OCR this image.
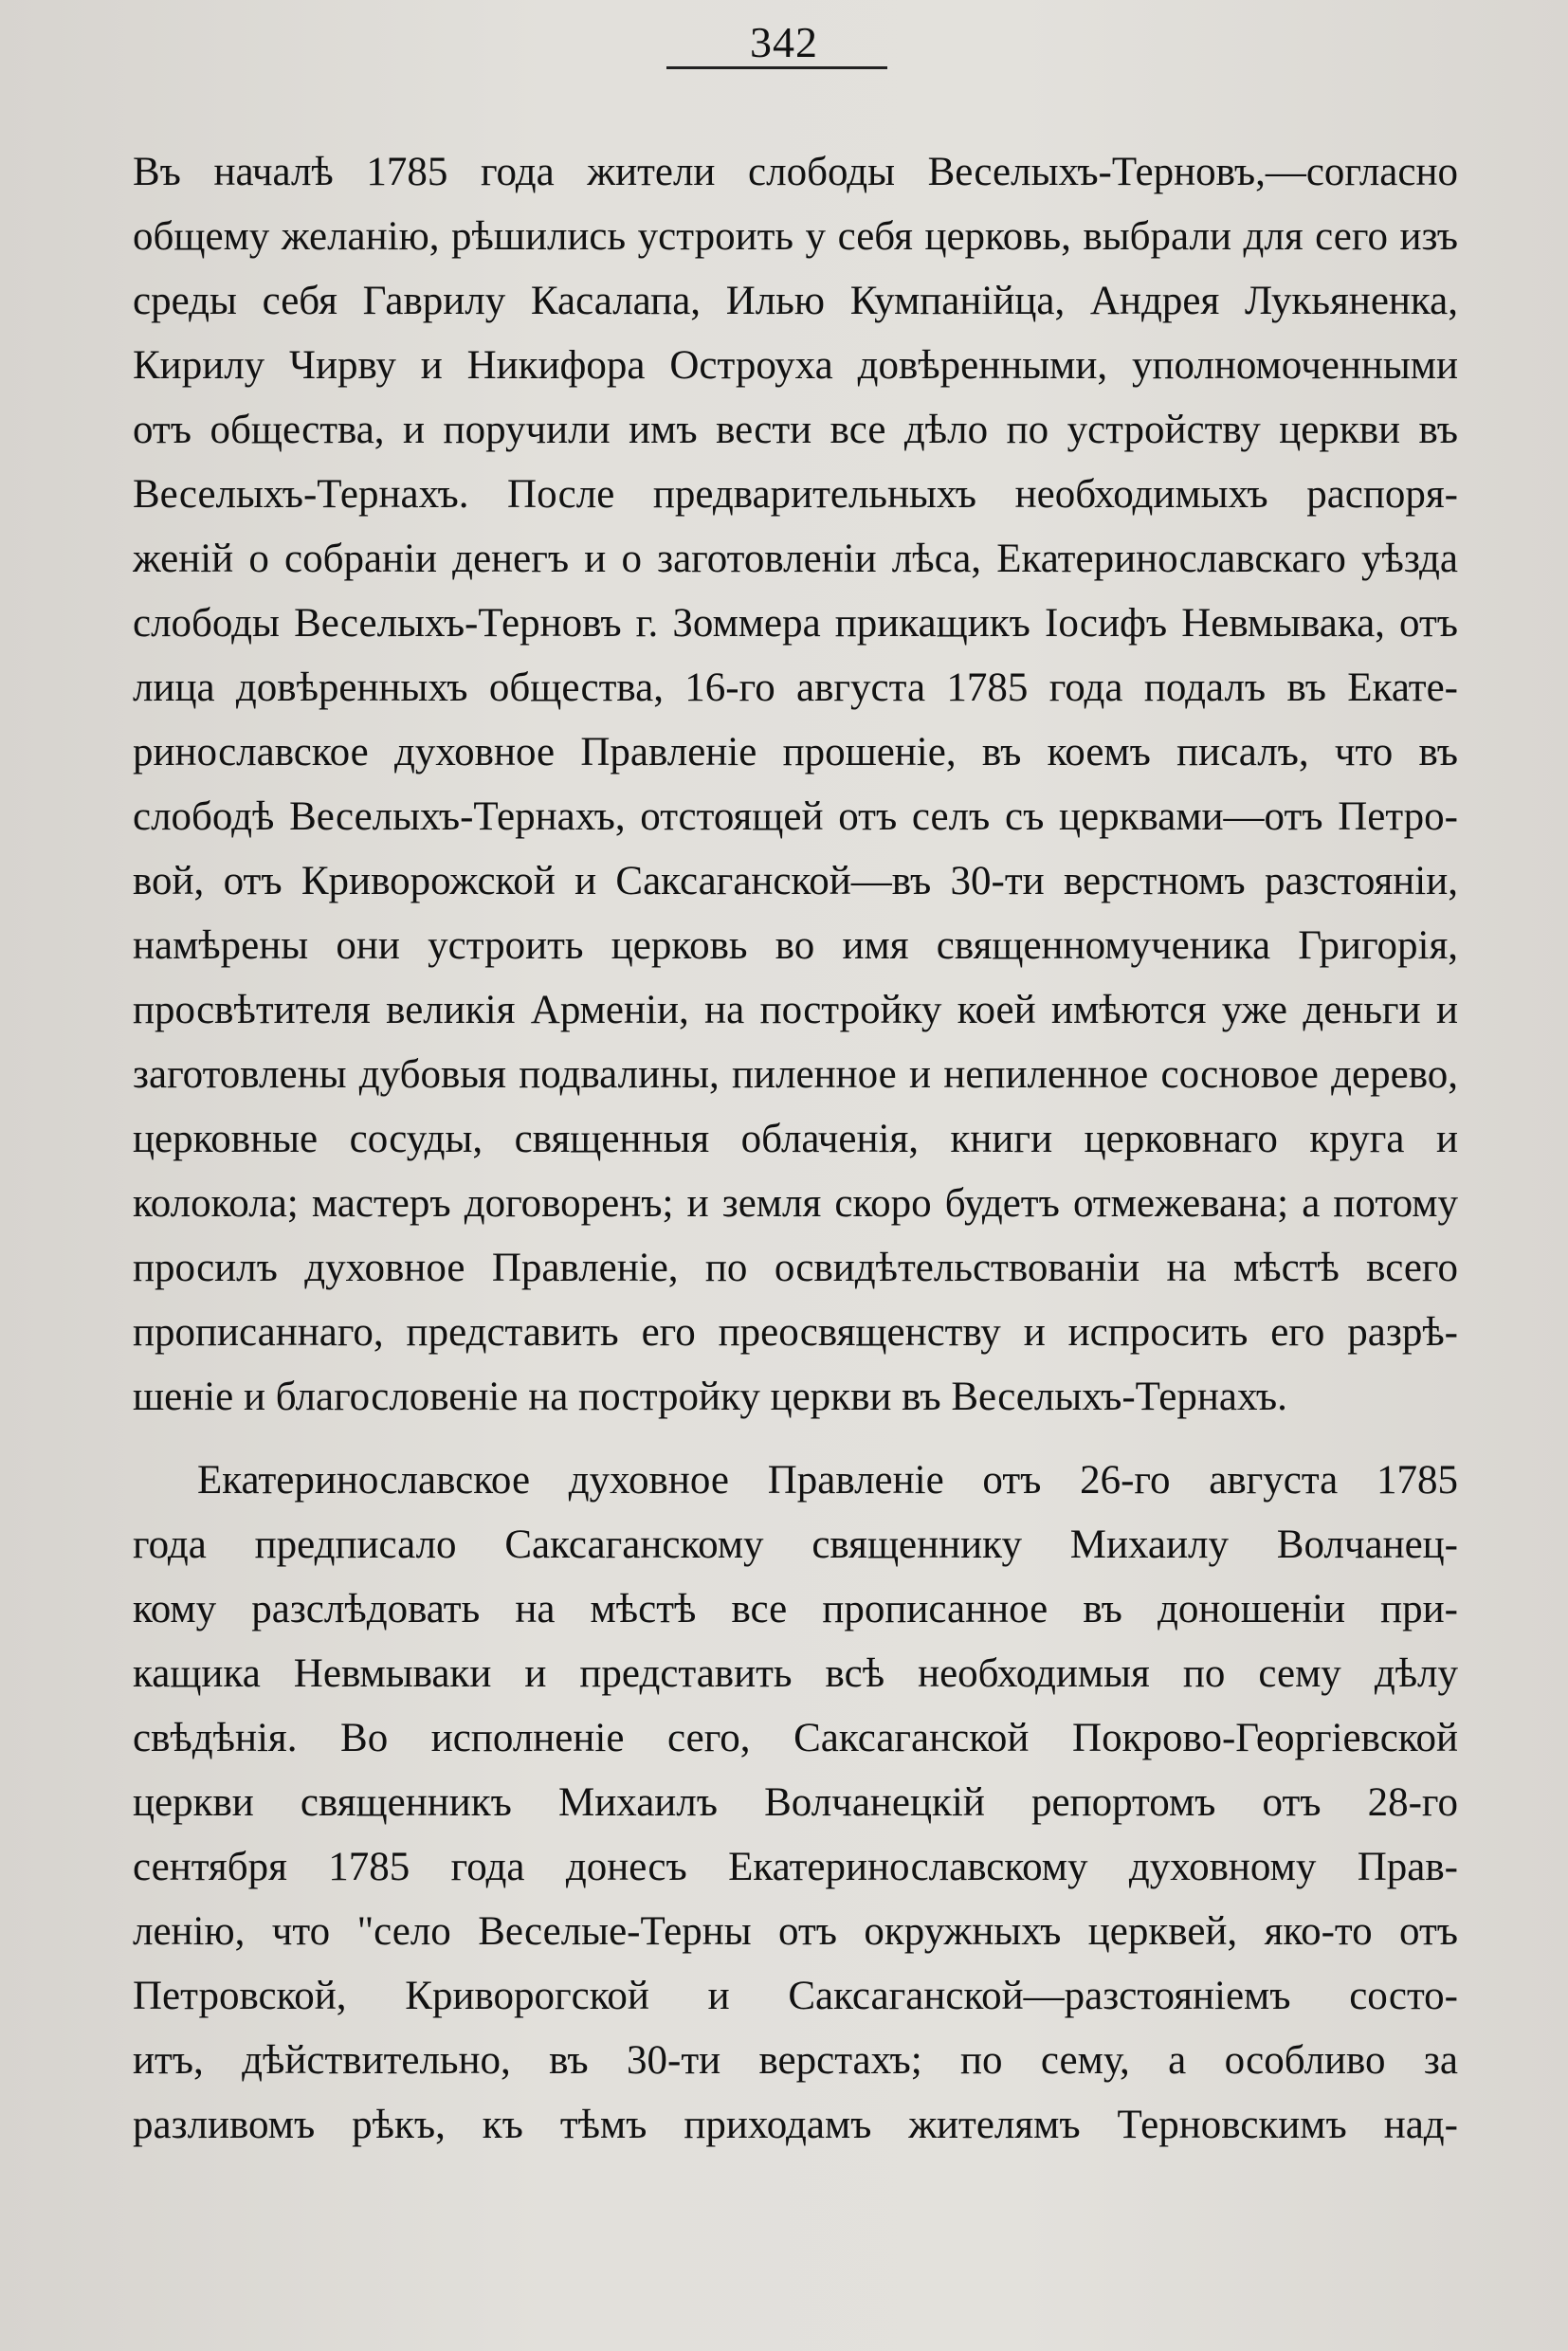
342
Въ началѣ 1785 года жители слободы Веселыхъ-Терновъ,—согласно
общему желанію, рѣшились устроить у себя церковь, выбрали для сего изъ
среды себя Гаврилу Касалапа, Илью Кумпанійца, Андрея Лукьяненка,
Кирилу Чирву и Никифора Остроуха довѣренными, уполномоченными
отъ общества, и поручили имъ вести все дѣло по устройству церкви въ
Веселыхъ-Тернахъ. После предварительныхъ необходимыхъ распоря-
женій о собраніи денегъ и о заготовленіи лѣса, Екатеринославскаго уѣзда
слободы Веселыхъ-Терновъ г. Зоммера прикащикъ Іосифъ Невмывака, отъ
лица довѣренныхъ общества, 16-го августа 1785 года подалъ въ Екате-
ринославское духовное Правленіе прошеніе, въ коемъ писалъ, что въ
слободѣ Веселыхъ-Тернахъ, отстоящей отъ селъ съ церквами—отъ Петро-
вой, отъ Криворожской и Саксаганской—въ 30-ти верстномъ разстояніи,
намѣрены они устроить церковь во имя священномученика Григорія,
просвѣтителя великія Арменіи, на постройку коей имѣются уже деньги и
заготовлены дубовыя подвалины, пиленное и непиленное сосновое дерево,
церковные сосуды, священныя облаченія, книги церковнаго круга и
колокола; мастеръ договоренъ; и земля скоро будетъ отмежевана; а потому
просилъ духовное Правленіе, по освидѣтельствованіи на мѣстѣ всего
прописаннаго, представить его преосвященству и испросить его разрѣ-
шеніе и благословеніе на постройку церкви въ Веселыхъ-Тернахъ.
Екатеринославское духовное Правленіе отъ 26-го августа 1785
года предписало Саксаганскому священнику Михаилу Волчанец-
кому разслѣдовать на мѣстѣ все прописанное въ доношеніи при-
кащика Невмываки и представить всѣ необходимыя по сему дѣлу
свѣдѣнія. Во исполненіе сего, Саксаганской Покрово-Георгіевской
церкви священникъ Михаилъ Волчанецкій репортомъ отъ 28-го
сентября 1785 года донесъ Екатеринославскому духовному Прав-
ленію, что "село Веселые-Терны отъ окружныхъ церквей, яко-то отъ
Петровской, Криворогской и Саксаганской—разстояніемъ состо-
итъ, дѣйствительно, въ 30-ти верстахъ; по сему, а особливо за
разливомъ рѣкъ, къ тѣмъ приходамъ жителямъ Терновскимъ над-
